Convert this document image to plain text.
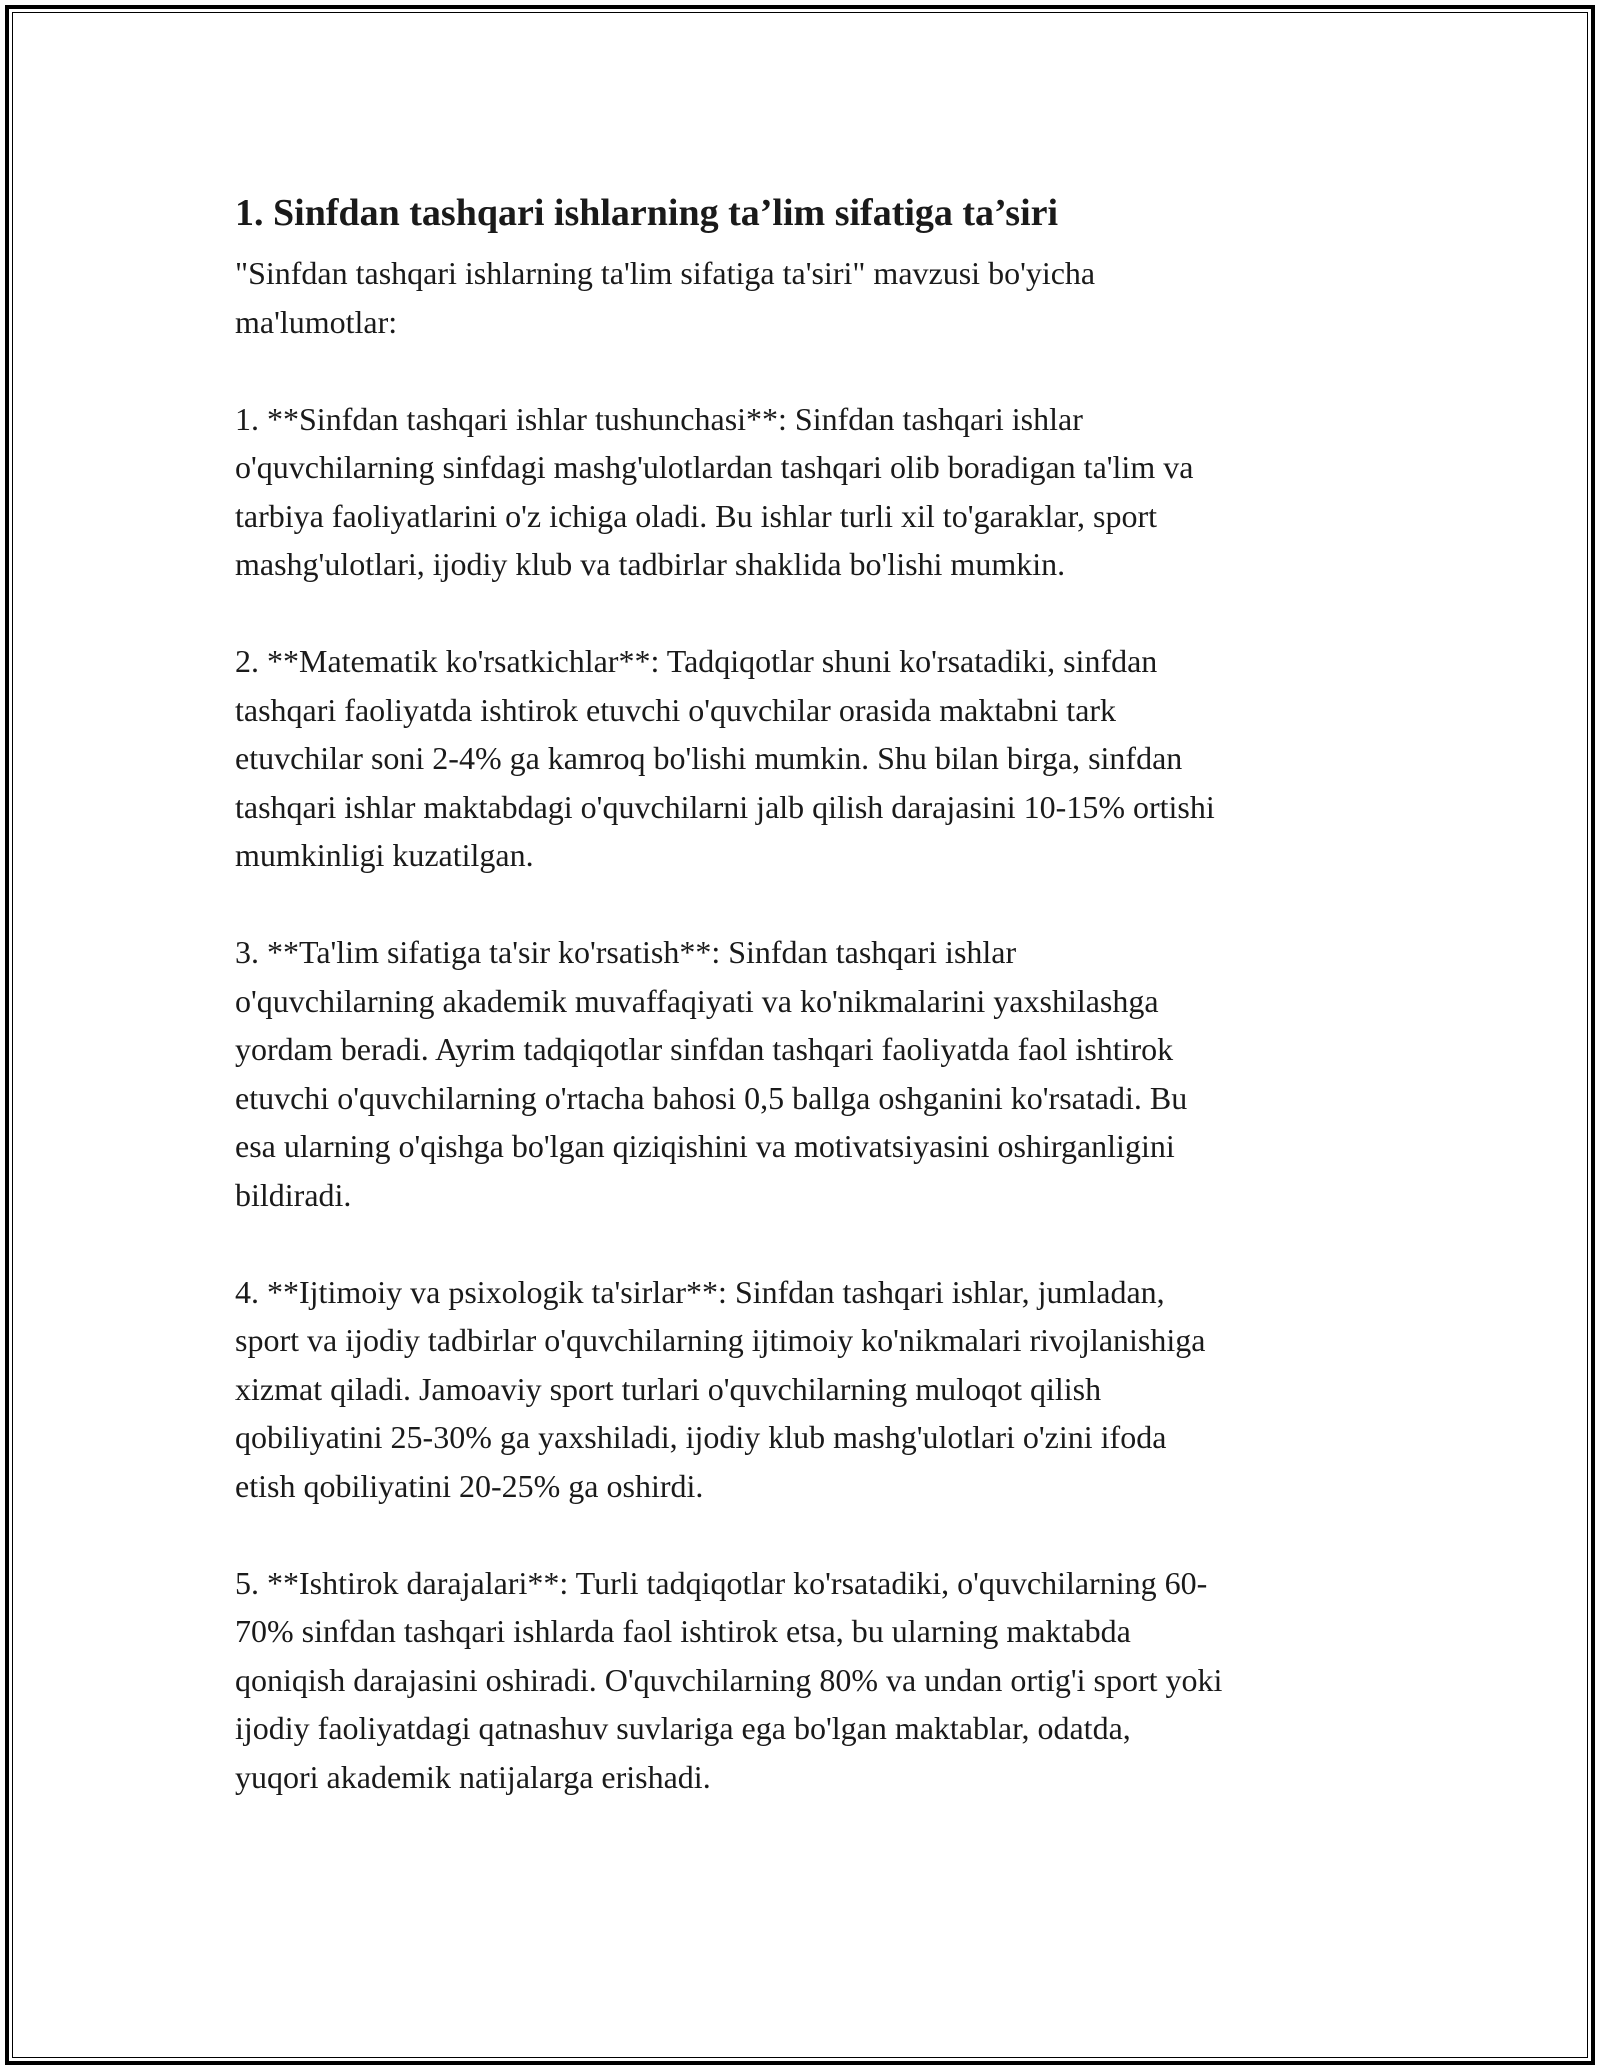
1. Sinfdan tashqari ishlarning ta’lim sifatiga ta’siri

"Sinfdan tashqari ishlarning ta'lim sifatiga ta'siri" mavzusi bo'yicha
ma'lumotlar:

1. **Sinfdan tashqari ishlar tushunchasi**: Sinfdan tashqari ishlar
o'quvchilarning sinfdagi mashg'ulotlardan tashqari olib boradigan ta'lim va
tarbiya faoliyatlarini o'z ichiga oladi. Bu ishlar turli xil to'garaklar, sport
mashg'ulotlari, ijodiy klub va tadbirlar shaklida bo'lishi mumkin.

2. **Matematik ko'rsatkichlar**: Tadqiqotlar shuni ko'rsatadiki, sinfdan
tashqari faoliyatda ishtirok etuvchi o'quvchilar orasida maktabni tark
etuvchilar soni 2-4% ga kamroq bo'lishi mumkin. Shu bilan birga, sinfdan
tashqari ishlar maktabdagi o'quvchilarni jalb qilish darajasini 10-15% ortishi
mumkinligi kuzatilgan.

3. **Ta'lim sifatiga ta'sir ko'rsatish**: Sinfdan tashqari ishlar
o'quvchilarning akademik muvaffaqiyati va ko'nikmalarini yaxshilashga
yordam beradi. Ayrim tadqiqotlar sinfdan tashqari faoliyatda faol ishtirok
etuvchi o'quvchilarning o'rtacha bahosi 0,5 ballga oshganini ko'rsatadi. Bu
esa ularning o'qishga bo'lgan qiziqishini va motivatsiyasini oshirganligini
bildiradi.

4. **Ijtimoiy va psixologik ta'sirlar**: Sinfdan tashqari ishlar, jumladan,
sport va ijodiy tadbirlar o'quvchilarning ijtimoiy ko'nikmalari rivojlanishiga
xizmat qiladi. Jamoaviy sport turlari o'quvchilarning muloqot qilish
qobiliyatini 25-30% ga yaxshiladi, ijodiy klub mashg'ulotlari o'zini ifoda
etish qobiliyatini 20-25% ga oshirdi.

5. **Ishtirok darajalari**: Turli tadqiqotlar ko'rsatadiki, o'quvchilarning 60-
70% sinfdan tashqari ishlarda faol ishtirok etsa, bu ularning maktabda
qoniqish darajasini oshiradi. O'quvchilarning 80% va undan ortig'i sport yoki
ijodiy faoliyatdagi qatnashuv suvlariga ega bo'lgan maktablar, odatda,
yuqori akademik natijalarga erishadi.
